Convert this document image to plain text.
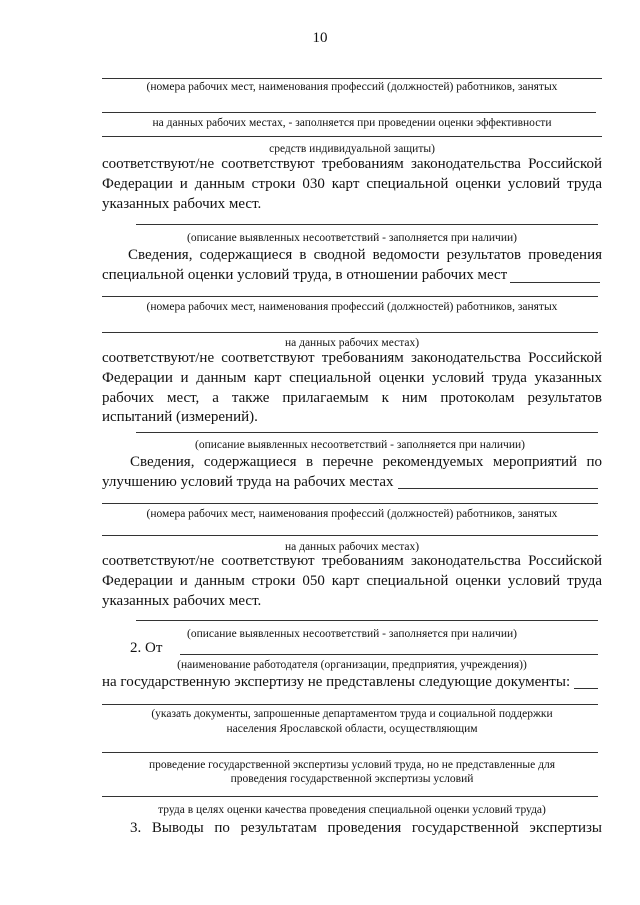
10
(номера рабочих мест, наименования профессий (должностей) работников, занятых
на данных рабочих местах, - заполняется при проведении оценки эффективности
средств индивидуальной защиты)
соответствуют/не соответствуют требованиям законодательства Российской
Федерации и данным строки 030 карт специальной оценки условий труда
указанных рабочих мест.
(описание выявленных несоответствий - заполняется при наличии)
Сведения, содержащиеся в сводной ведомости результатов проведения
специальной оценки условий труда, в отношении рабочих мест
(номера рабочих мест, наименования профессий (должностей) работников, занятых
на данных рабочих местах)
соответствуют/не соответствуют требованиям законодательства Российской
Федерации и данным карт специальной оценки условий труда указанных
рабочих мест, а также прилагаемым к ним протоколам результатов
испытаний (измерений).
(описание выявленных несоответствий - заполняется при наличии)
Сведения, содержащиеся в перечне рекомендуемых мероприятий по
улучшению условий труда на рабочих местах
(номера рабочих мест, наименования профессий (должностей) работников, занятых
на данных рабочих местах)
соответствуют/не соответствуют требованиям законодательства Российской
Федерации и данным строки 050 карт специальной оценки условий труда
указанных рабочих мест.
(описание выявленных несоответствий - заполняется при наличии)
2. От
(наименование работодателя (организации, предприятия, учреждения))
на государственную экспертизу не представлены следующие документы:
(указать документы, запрошенные департаментом труда и социальной поддержки
населения Ярославской области, осуществляющим
проведение государственной экспертизы условий труда, но не представленные для
проведения государственной экспертизы условий
труда в целях оценки качества проведения специальной оценки условий труда)
3. Выводы по результатам проведения государственной экспертизы
